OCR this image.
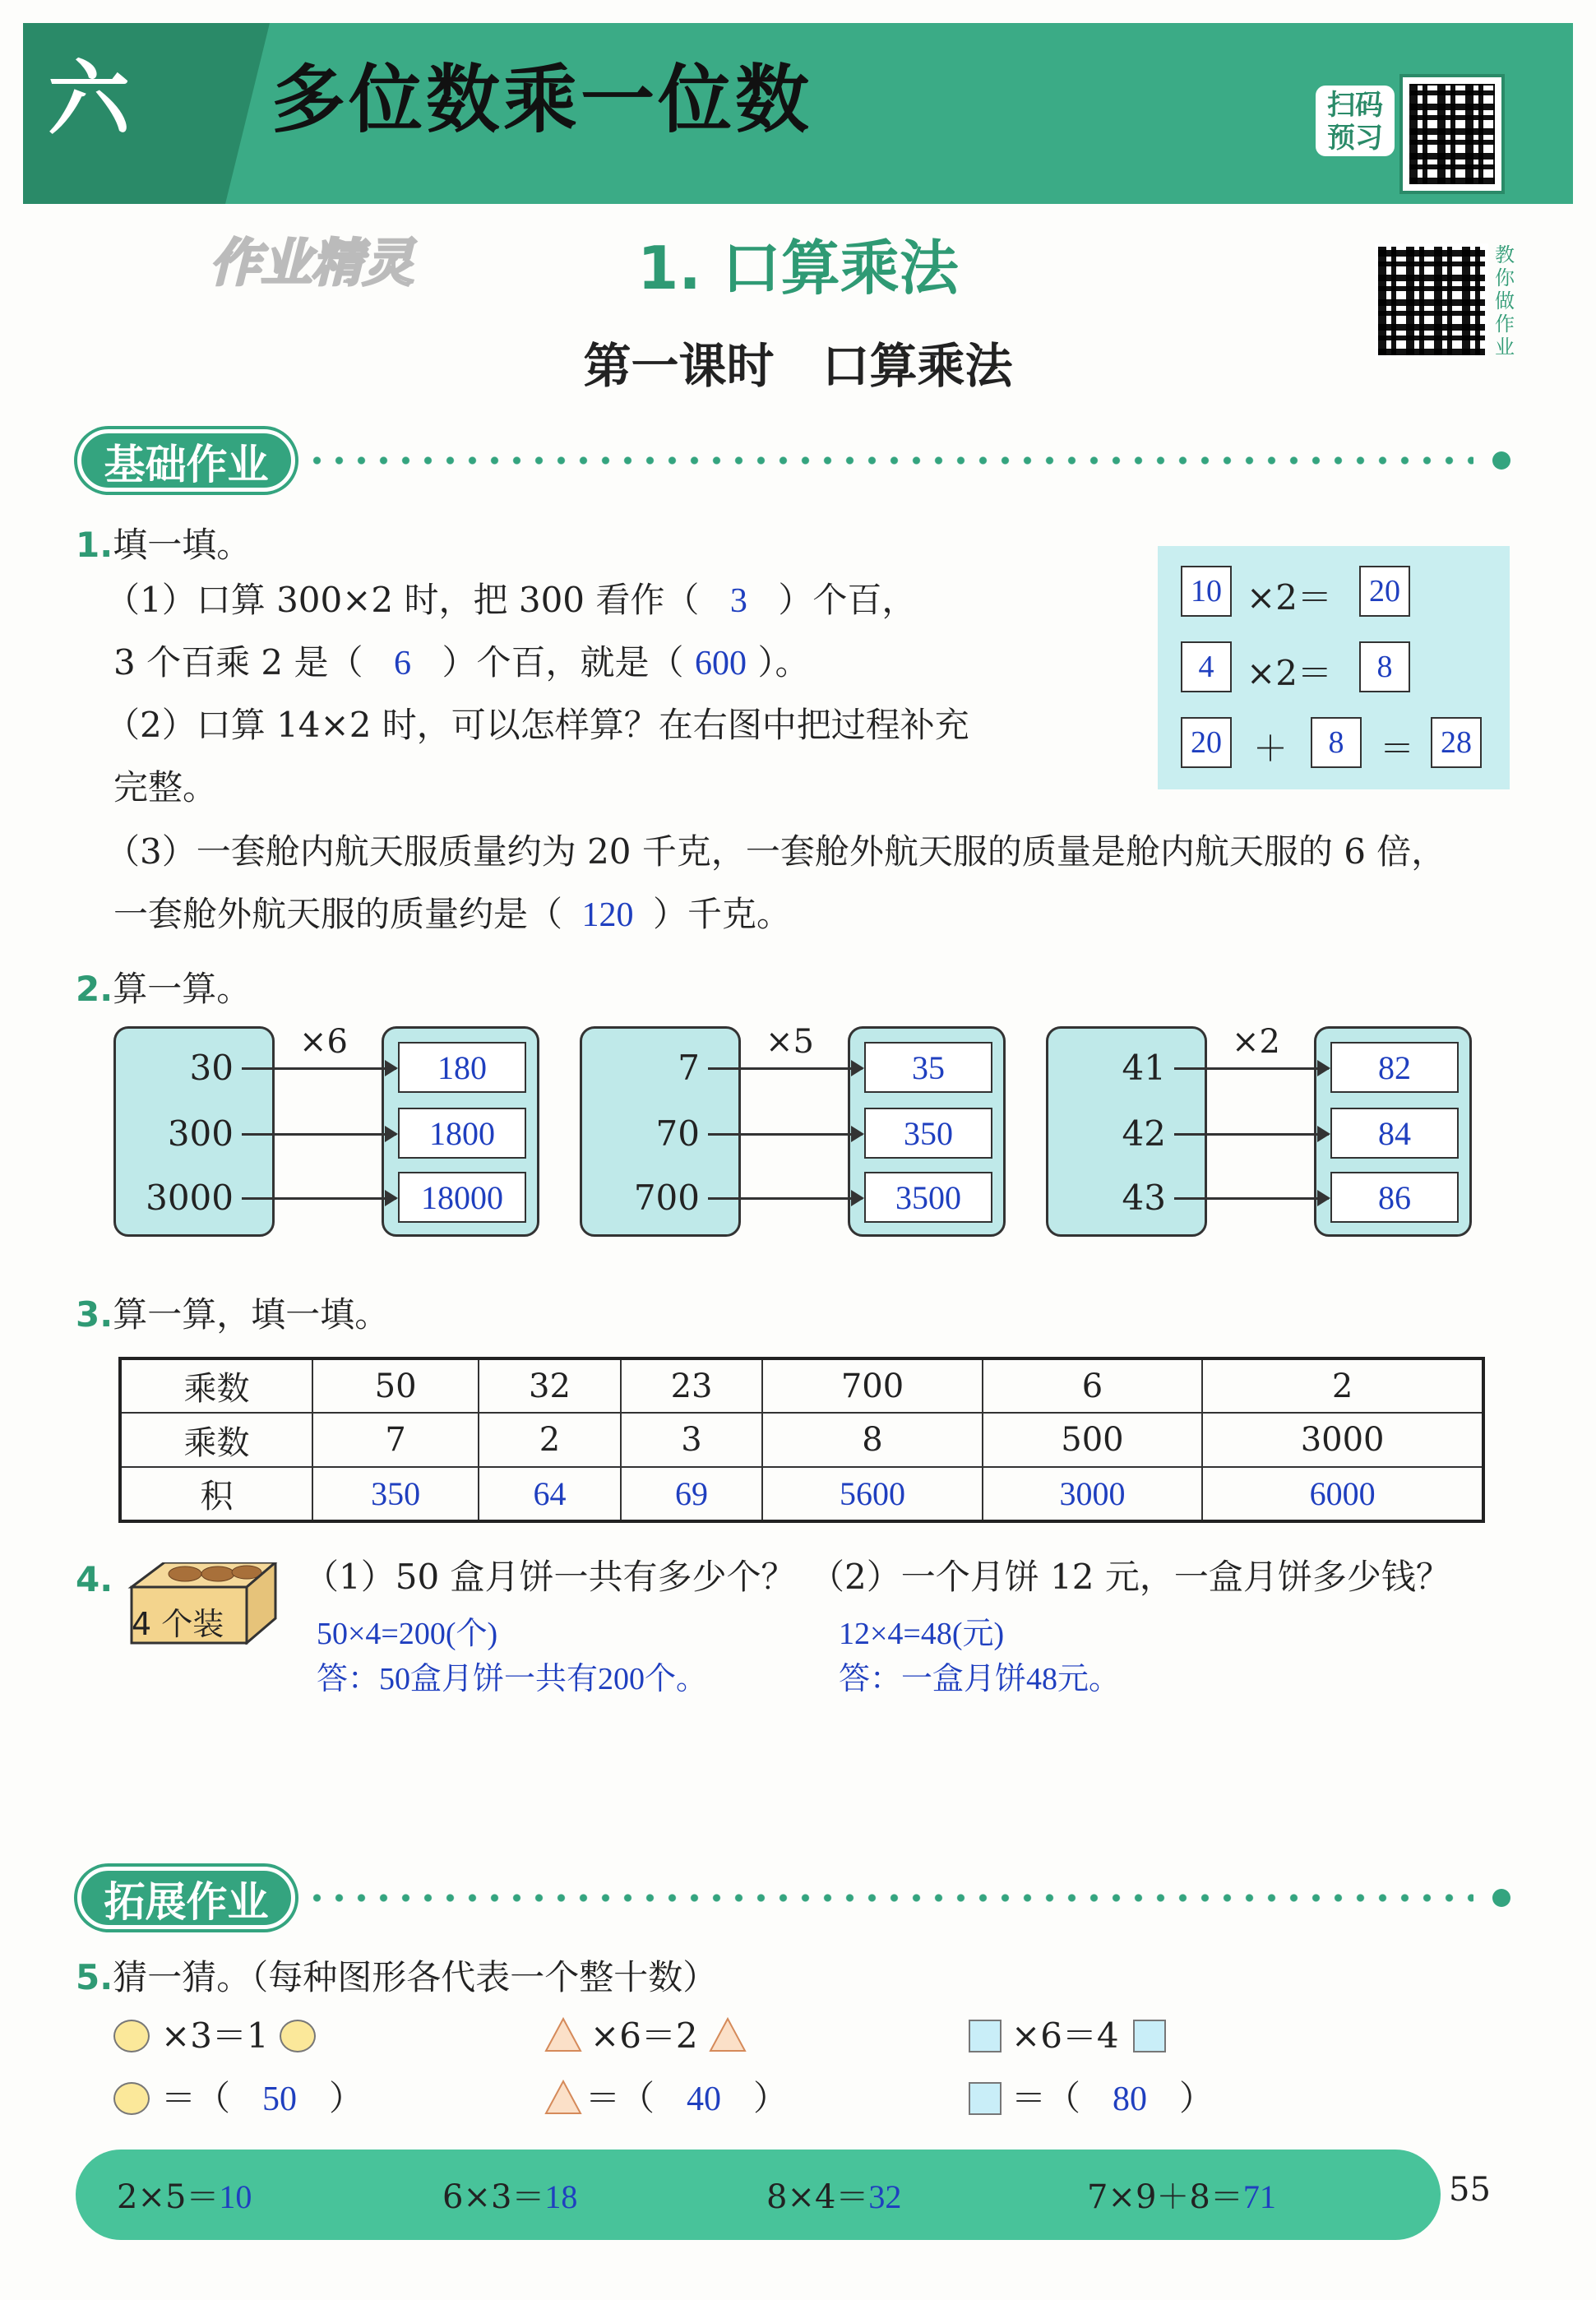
六 多位数乘一位数	扫码预习
作业精灵	1. 口算乘法
第一课时　口算乘法
教你做作业
基础作业
1.填一填。
（1）口算 300×2 时，把 300 看作（ 3 ）个百，
3 个百乘 2 是（ 6 ）个百，就是（ 600 ）。
（2）口算 14×2 时，可以怎样算？在右图中把过程补充
完整。
（3）一套舱内航天服质量约为 20 千克，一套舱外航天服的质量是舱内航天服的 6 倍，
一套舱外航天服的质量约是（ 120 ）千克。
10 ×2＝	20
4 ×2＝	8
20 ＋	8	＝ 28
2.算一算。
×6
30	180
300	1800
3000	18000
×5
7	35
70	350
700	3500
×2
41	82
42	84
43	86
3.算一算，填一填。
乘数	50	32	23	700	6	2
乘数	7	2	3	8	500	3000
积	350	64	69	5600	3000	6000
4.
4 个装
（1）50 盒月饼一共有多少个？ （2）一个月饼 12 元，一盒月饼多少钱？
50×4=200(个)
答：50盒月饼一共有200个。
12×4=48(元)
答：一盒月饼48元。
拓展作业
5.猜一猜。（每种图形各代表一个整十数）
×3＝1
＝（ 50 ）
×6＝2
＝（ 40 ）
×6＝4
＝（ 80 ）
2×5＝10	6×3＝18	8×4＝32	7×9＋8＝71	55
